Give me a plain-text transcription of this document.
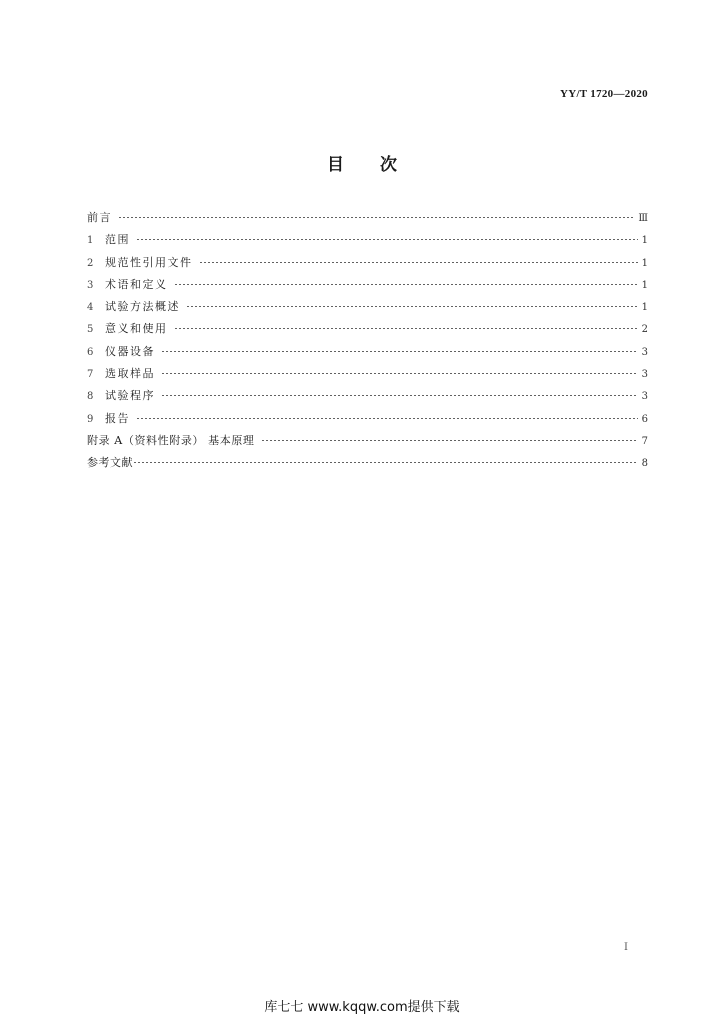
YY/T 1720—2020
目 次
前言	Ⅲ
1	范围	1
2	规范性引用文件	1
3	术语和定义	1
4	试验方法概述	1
5	意义和使用	2
6	仪器设备	3
7	选取样品	3
8	试验程序	3
9	报告	6
附录 A（资料性附录） 基本原理	7
参考文献	8
Ⅰ
库七七 www.kqqw.com提供下载
